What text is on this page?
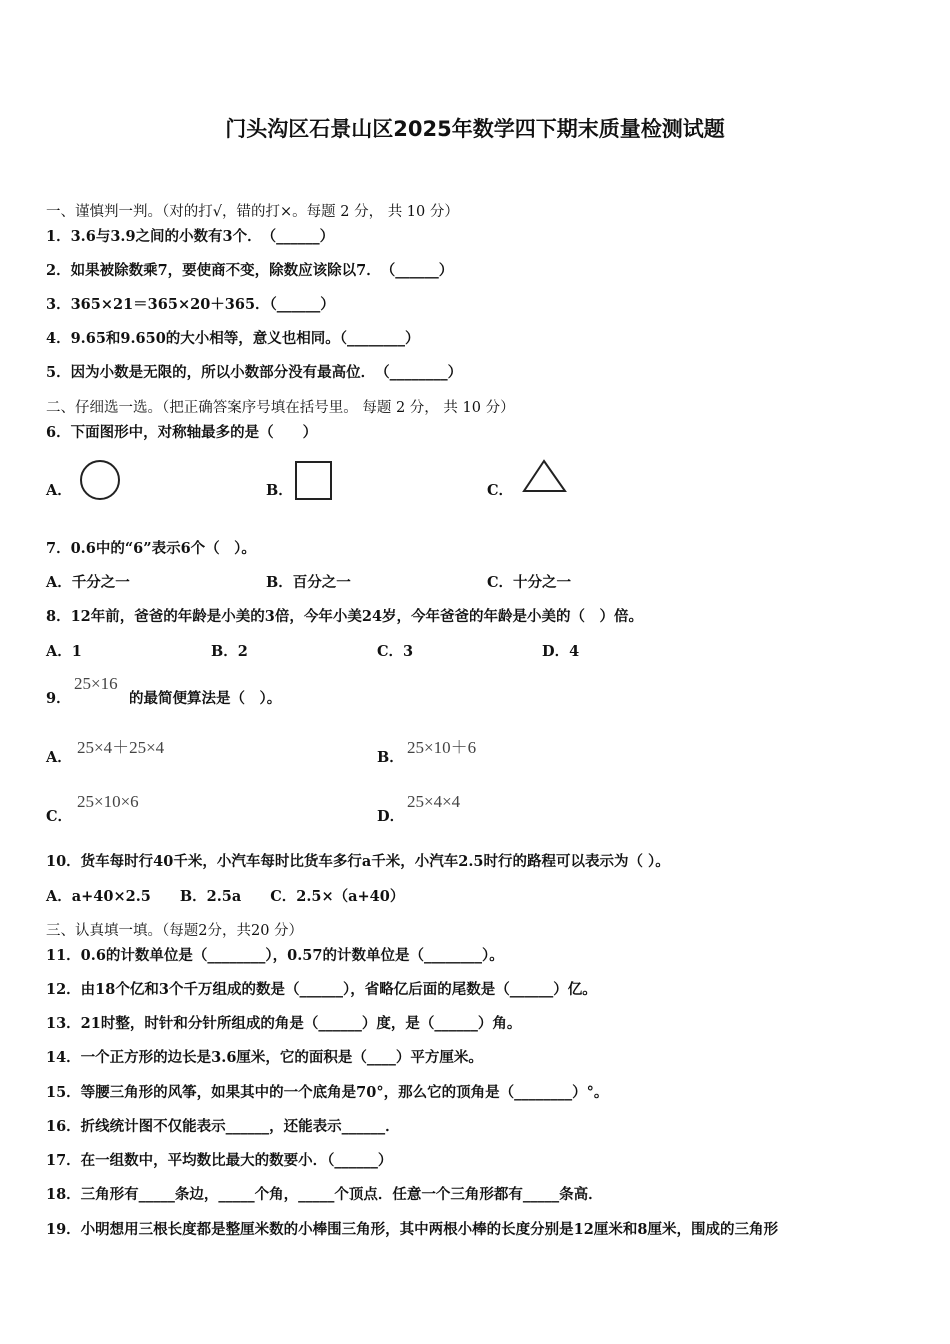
门头沟区石景山区2025年数学四下期末质量检测试题
一、谨慎判一判。（对的打√，错的打×。每题 2 分， 共 10 分）
1．3.6与3.9之间的小数有3个．　（______）
2．如果被除数乘7，要使商不变，除数应该除以7．　（______）
3．365×21＝365×20＋365．（______）
4．9.65和9.650的大小相等，意义也相同。（________）
5．因为小数是无限的，所以小数部分没有最高位．　（________）
二、仔细选一选。（把正确答案序号填在括号里。 每题 2 分， 共 10 分）
6．下面图形中，对称轴最多的是（　　）
A．	B．	C．
7．0.6中的“6”表示6个（　）。
A．千分之一	B．百分之一	C．十分之一
8．12年前，爸爸的年龄是小美的3倍，今年小美24岁，今年爸爸的年龄是小美的（　）倍。
A．1	B．2	C．3	D．4
9．
25×16
的最简便算法是（　）。
A．
25×4＋25×4
B．
25×10＋6
C．
25×10×6
D．
25×4×4
10．货车每时行40千米，小汽车每时比货车多行a千米，小汽车2.5时行的路程可以表示为（ ）。
A．a+40×2.5　　B．2.5a　　C．2.5×（a+40）
三、认真填一填。（每题2分，共20 分）
11．0.6的计数单位是（________），0.57的计数单位是（________）。
12．由18个亿和3个千万组成的数是（______），省略亿后面的尾数是（______）亿。
13．21时整，时针和分针所组成的角是（______）度，是（______）角。
14．一个正方形的边长是3.6厘米，它的面积是（____）平方厘米。
15．等腰三角形的风筝，如果其中的一个底角是70°，那么它的顶角是（________）°。
16．折线统计图不仅能表示______，还能表示______．
17．在一组数中，平均数比最大的数要小．（______）
18．三角形有_____条边，_____个角，_____个顶点．任意一个三角形都有_____条高．
19．小明想用三根长度都是整厘米数的小棒围三角形，其中两根小棒的长度分别是12厘米和8厘米，围成的三角形
